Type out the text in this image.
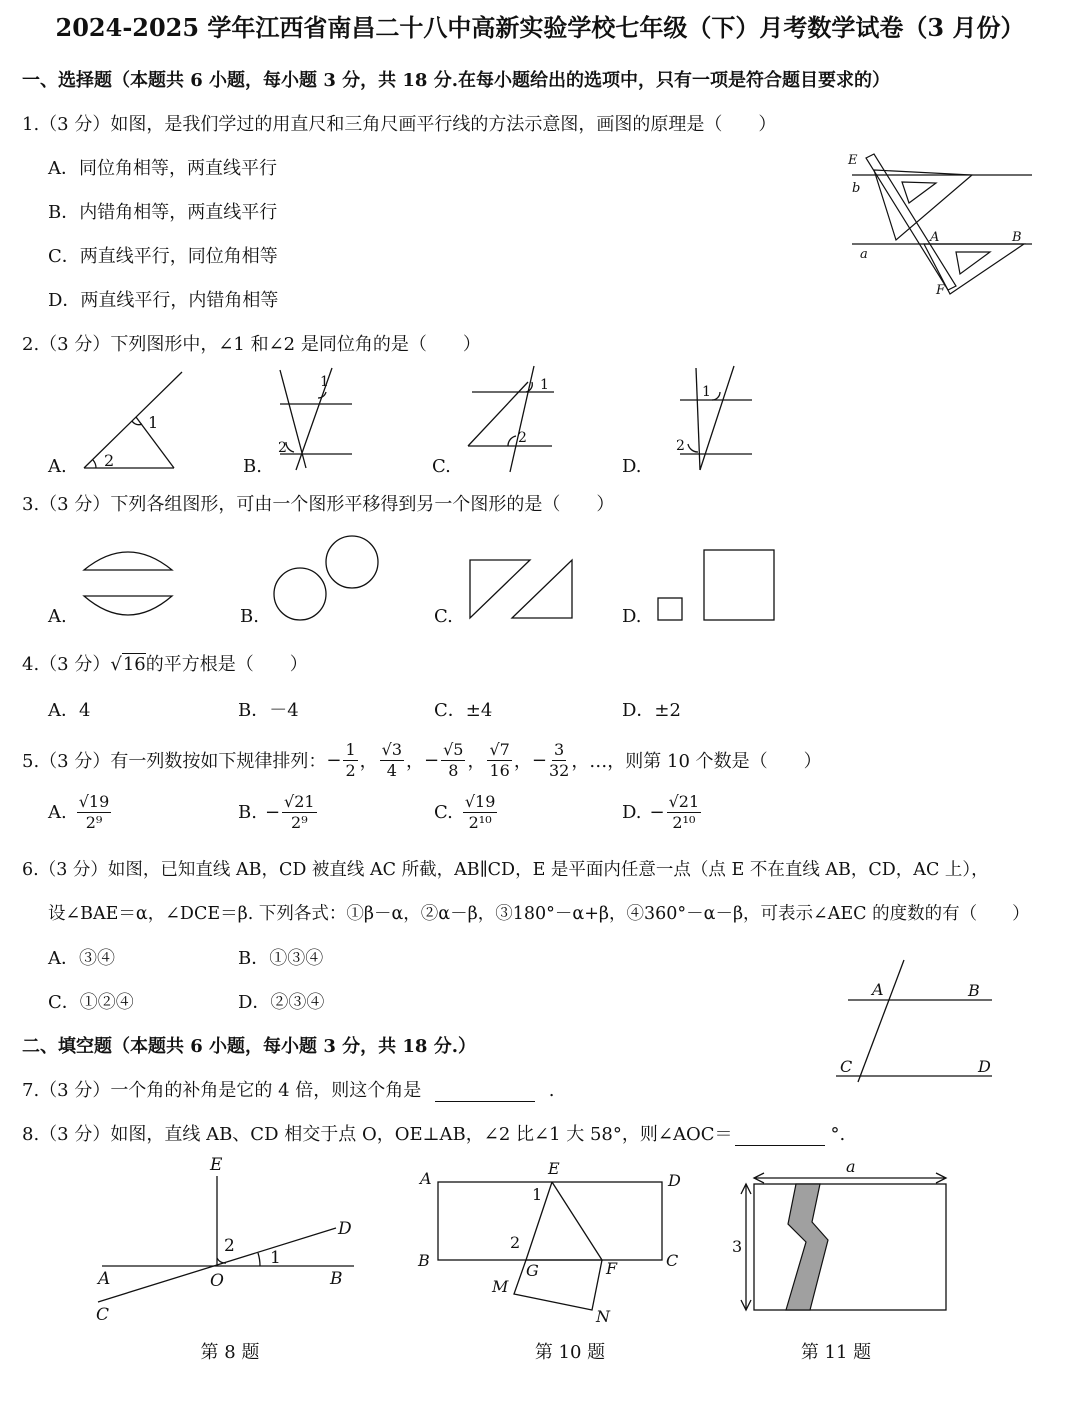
2024-2025 学年江西省南昌二十八中高新实验学校七年级（下）月考数学试卷（3 月份）
一、选择题（本题共 6 小题，每小题 3 分，共 18 分.在每小题给出的选项中，只有一项是符合题目要求的）
1.（3 分）如图，是我们学过的用直尺和三角尺画平行线的方法示意图，画图的原理是（　　）
A．同位角相等，两直线平行
B．内错角相等，两直线平行
C．两直线平行，同位角相等
D．两直线平行，内错角相等
E
b
A	B
a
F
2.（3 分）下列图形中，∠1 和∠2 是同位角的是（　　）
A.	B.	C.	D.
1
2
1
2
1
2
1
2
3.（3 分）下列各组图形，可由一个图形平移得到另一个图形的是（　　）
A.	B.	C.	D.
4.（3 分）√16的平方根是（　　）
A．4	B．－4	C．±4	D．±2
5.（3 分）有一列数按如下规律排列： − $\frac{1}{2}$ ， $\frac{√3}{4}$ ， − $\frac{√5}{8}$ ， $\frac{√7}{16}$ ， − $\frac{3}{32}$ ，…，则第 10 个数是（　　）
A. $\frac{√19}{\text{2⁹}}$	B. − $\frac{√21}{\text{2⁹}}$	C. $\frac{√19}{\text{2¹⁰}}$	D. − $\frac{√21}{\text{2¹⁰}}$
6.（3 分）如图，已知直线 AB，CD 被直线 AC 所截，AB∥CD，E 是平面内任意一点（点 E 不在直线 AB，CD，AC 上），
设∠BAE＝α，∠DCE＝β. 下列各式：①β－α，②α－β，③180°－α+β，④360°－α－β，可表示∠AEC 的度数的有（　　）
A．③④	B．①③④
C．①②④	D．②③④
A	B
C	D
二、填空题（本题共 6 小题，每小题 3 分，共 18 分.）
7.（3 分）一个角的补角是它的 4 倍，则这个角是	.
8.（3 分）如图，直线 AB、CD 相交于点 O，OE⊥AB，∠2 比∠1 大 58°，则∠AOC＝	°.
E
D
A	O	B
C
1
2
第 8 题
A
E
D
B
G	F	C
M
N
1
2
第 10 题
a
3
第 11 题
